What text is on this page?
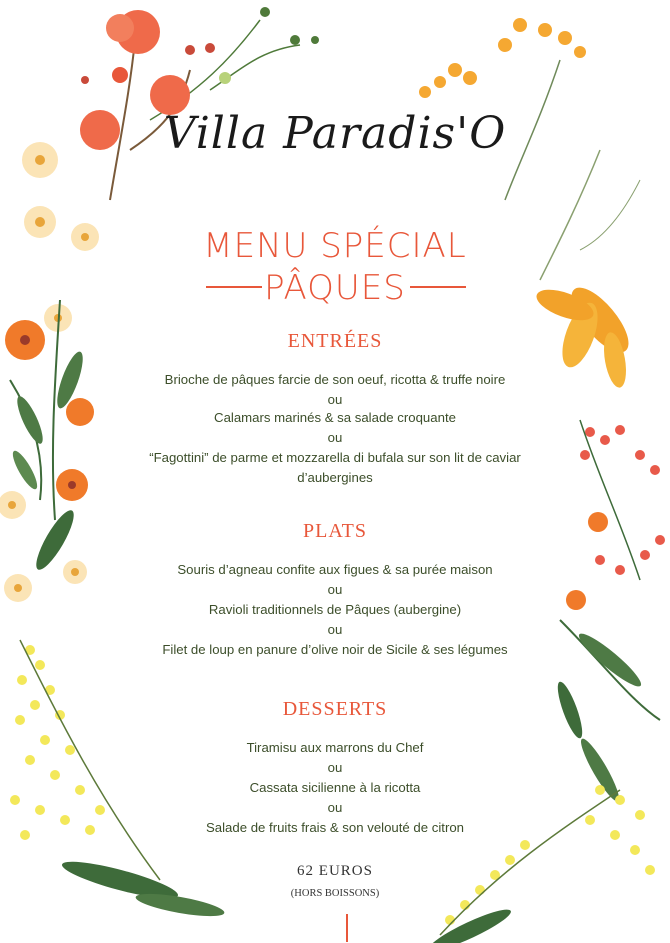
Villa Paradis'O
MENU SPÉCIAL
PÂQUES
ENTRÉES
Brioche de pâques farcie de son oeuf, ricotta & truffe noire
ou
Calamars marinés & sa salade croquante
ou
“Fagottini” de parme et mozzarella di bufala sur son lit de caviar
d’aubergines
PLATS
Souris d’agneau confite aux figues & sa purée maison
ou
Ravioli traditionnels de Pâques (aubergine)
ou
Filet de loup en panure d’olive noir de Sicile & ses légumes
DESSERTS
Tiramisu aux marrons du Chef
ou
Cassata sicilienne à la ricotta
ou
Salade de fruits frais & son velouté de citron
62 EUROS
(HORS BOISSONS)
